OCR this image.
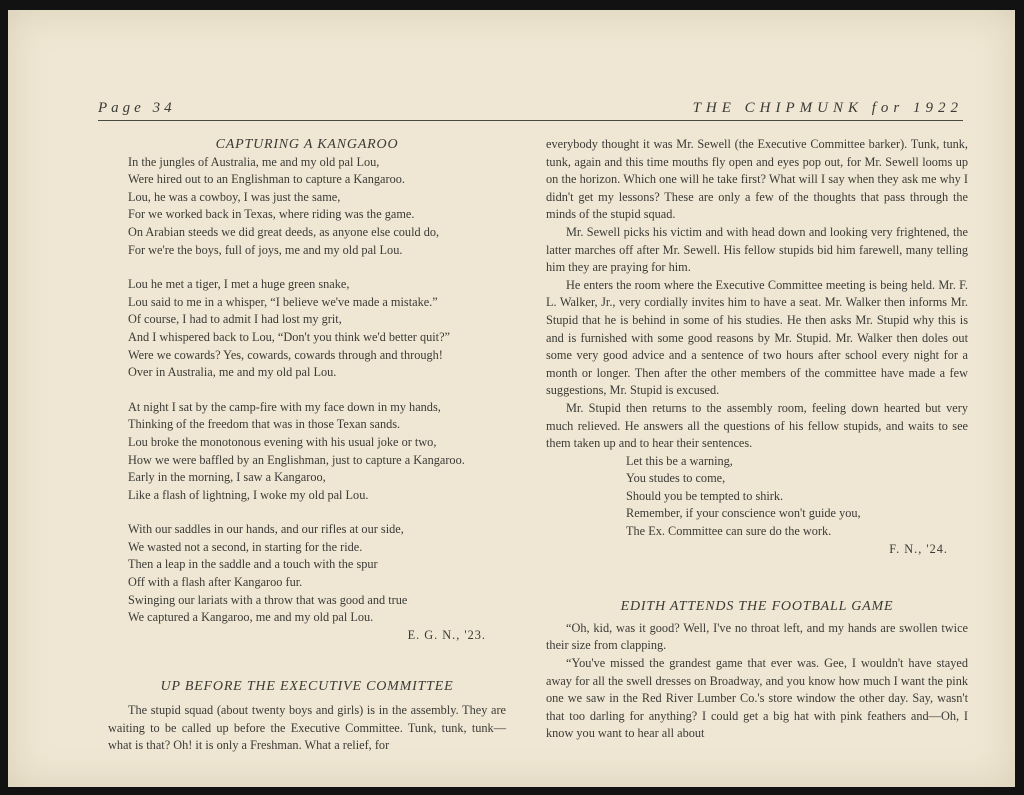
Page 34	THE CHIPMUNK for 1922
CAPTURING A KANGAROO
In the jungles of Australia, me and my old pal Lou,
Were hired out to an Englishman to capture a Kangaroo.
Lou, he was a cowboy, I was just the same,
For we worked back in Texas, where riding was the game.
On Arabian steeds we did great deeds, as anyone else could do,
For we're the boys, full of joys, me and my old pal Lou.
Lou he met a tiger, I met a huge green snake,
Lou said to me in a whisper, “I believe we've made a mistake.”
Of course, I had to admit I had lost my grit,
And I whispered back to Lou, “Don't you think we'd better quit?”
Were we cowards? Yes, cowards, cowards through and through!
Over in Australia, me and my old pal Lou.
At night I sat by the camp-fire with my face down in my hands,
Thinking of the freedom that was in those Texan sands.
Lou broke the monotonous evening with his usual joke or two,
How we were baffled by an Englishman, just to capture a Kangaroo.
Early in the morning, I saw a Kangaroo,
Like a flash of lightning, I woke my old pal Lou.
With our saddles in our hands, and our rifles at our side,
We wasted not a second, in starting for the ride.
Then a leap in the saddle and a touch with the spur
Off with a flash after Kangaroo fur.
Swinging our lariats with a throw that was good and true
We captured a Kangaroo, me and my old pal Lou.
E. G. N., '23.
UP BEFORE THE EXECUTIVE COMMITTEE

The stupid squad (about twenty boys and girls) is in the assembly. They are waiting to be called up before the Executive Committee. Tunk, tunk, tunk—what is that? Oh! it is only a Freshman. What a relief, for

everybody thought it was Mr. Sewell (the Executive Committee barker). Tunk, tunk, tunk, again and this time mouths fly open and eyes pop out, for Mr. Sewell looms up on the horizon. Which one will he take first? What will I say when they ask me why I didn't get my lessons? These are only a few of the thoughts that pass through the minds of the stupid squad.

Mr. Sewell picks his victim and with head down and looking very frightened, the latter marches off after Mr. Sewell. His fellow stupids bid him farewell, many telling him they are praying for him.

He enters the room where the Executive Committee meeting is being held. Mr. F. L. Walker, Jr., very cordially invites him to have a seat. Mr. Walker then informs Mr. Stupid that he is behind in some of his studies. He then asks Mr. Stupid why this is and is furnished with some good reasons by Mr. Stupid. Mr. Walker then doles out some very good advice and a sentence of two hours after school every night for a month or longer. Then after the other members of the committee have made a few suggestions, Mr. Stupid is excused.

Mr. Stupid then returns to the assembly room, feeling down hearted but very much relieved. He answers all the questions of his fellow stupids, and waits to see them taken up and to hear their sentences.

Let this be a warning,
You studes to come,
Should you be tempted to shirk.
Remember, if your conscience won't guide you,
The Ex. Committee can sure do the work.
F. N., '24.
EDITH ATTENDS THE FOOTBALL GAME

“Oh, kid, was it good? Well, I've no throat left, and my hands are swollen twice their size from clapping.

“You've missed the grandest game that ever was. Gee, I wouldn't have stayed away for all the swell dresses on Broadway, and you know how much I want the pink one we saw in the Red River Lumber Co.'s store window the other day. Say, wasn't that too darling for anything? I could get a big hat with pink feathers and—Oh, I know you want to hear all about
